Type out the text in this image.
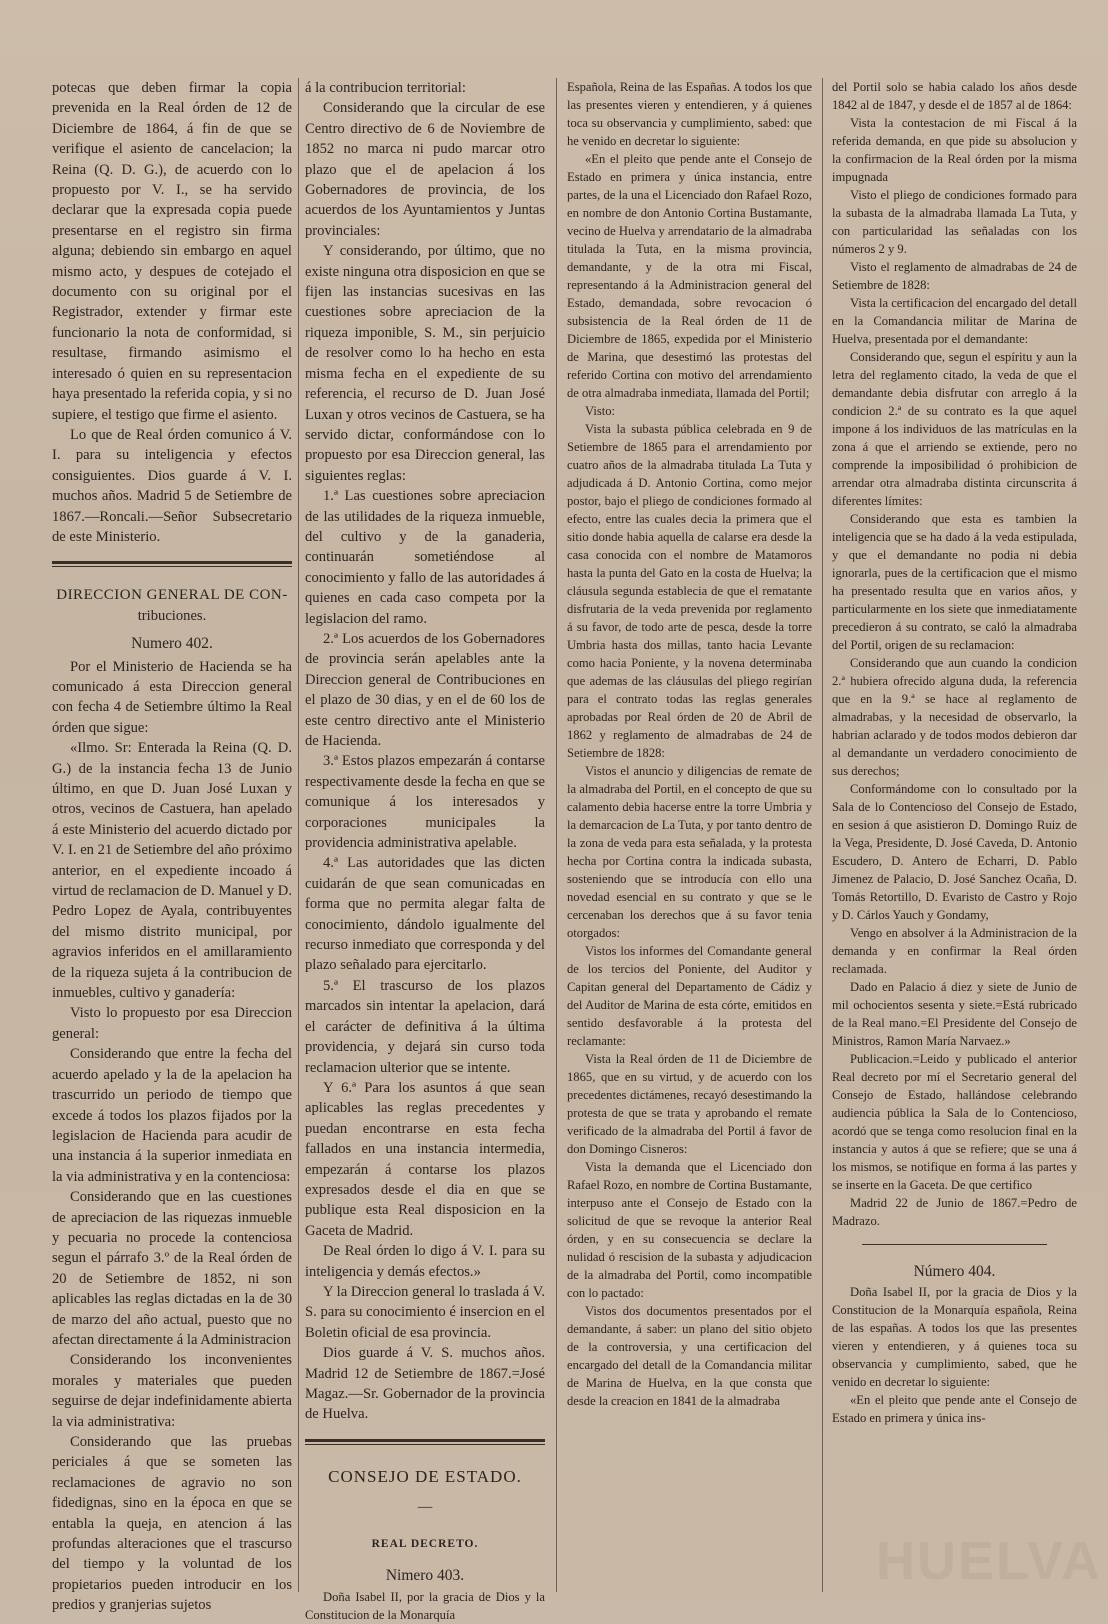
potecas que deben firmar la copia prevenida en la Real órden de 12 de Diciembre de 1864, á fin de que se verifique el asiento de cancelacion; la Reina (Q. D. G.), de acuerdo con lo propuesto por V. I., se ha servido declarar que la expresada copia puede presentarse en el registro sin firma alguna; debiendo sin embargo en aquel mismo acto, y despues de cotejado el documento con su original por el Registrador, extender y firmar este funcionario la nota de conformidad, si resultase, firmando asimismo el interesado ó quien en su representacion haya presentado la referida copia, y si no supiere, el testigo que firme el asiento.

Lo que de Real órden comunico á V. I. para su inteligencia y efectos consiguientes. Dios guarde á V. I. muchos años. Madrid 5 de Setiembre de 1867.—Roncali.—Señor Subsecretario de este Ministerio.

DIRECCION GENERAL DE CON-

tribuciones.

Numero 402.

Por el Ministerio de Hacienda se ha comunicado á esta Direccion general con fecha 4 de Setiembre último la Real órden que sigue:

«Ilmo. Sr: Enterada la Reina (Q. D. G.) de la instancia fecha 13 de Junio último, en que D. Juan José Luxan y otros, vecinos de Castuera, han apelado á este Ministerio del acuerdo dictado por V. I. en 21 de Setiembre del año próximo anterior, en el expediente incoado á virtud de reclamacion de D. Manuel y D. Pedro Lopez de Ayala, contribuyentes del mismo distrito municipal, por agravios inferidos en el amillaramiento de la riqueza sujeta á la contribucion de inmuebles, cultivo y ganadería:

Visto lo propuesto por esa Direccion general:

Considerando que entre la fecha del acuerdo apelado y la de la apelacion ha trascurrido un periodo de tiempo que excede á todos los plazos fijados por la legislacion de Hacienda para acudir de una instancia á la superior inmediata en la via administrativa y en la contenciosa:

Considerando que en las cuestiones de apreciacion de las riquezas inmueble y pecuaria no procede la contenciosa segun el párrafo 3.º de la Real órden de 20 de Setiembre de 1852, ni son aplicables las reglas dictadas en la de 30 de marzo del año actual, puesto que no afectan directamente á la Administracion

Considerando los inconvenientes morales y materiales que pueden seguirse de dejar indefinidamente abierta la via administrativa:

Considerando que las pruebas periciales á que se someten las reclamaciones de agravio no son fidedignas, sino en la época en que se entabla la queja, en atencion á las profundas alteraciones que el trascurso del tiempo y la voluntad de los propietarios pueden introducir en los predios y granjerias sujetos

á la contribucion territorial:

Considerando que la circular de ese Centro directivo de 6 de Noviembre de 1852 no marca ni pudo marcar otro plazo que el de apelacion á los Gobernadores de provincia, de los acuerdos de los Ayuntamientos y Juntas provinciales:

Y considerando, por último, que no existe ninguna otra disposicion en que se fijen las instancias sucesivas en las cuestiones sobre apreciacion de la riqueza imponible, S. M., sin perjuicio de resolver como lo ha hecho en esta misma fecha en el expediente de su referencia, el recurso de D. Juan José Luxan y otros vecinos de Castuera, se ha servido dictar, conformándose con lo propuesto por esa Direccion general, las siguientes reglas:

1.ª Las cuestiones sobre apreciacion de las utilidades de la riqueza inmueble, del cultivo y de la ganaderia, continuarán sometiéndose al conocimiento y fallo de las autoridades á quienes en cada caso competa por la legislacion del ramo.

2.ª Los acuerdos de los Gobernadores de provincia serán apelables ante la Direccion general de Contribuciones en el plazo de 30 dias, y en el de 60 los de este centro directivo ante el Ministerio de Hacienda.

3.ª Estos plazos empezarán á contarse respectivamente desde la fecha en que se comunique á los interesados y corporaciones municipales la providencia administrativa apelable.

4.ª Las autoridades que las dicten cuidarán de que sean comunicadas en forma que no permita alegar falta de conocimiento, dándolo igualmente del recurso inmediato que corresponda y del plazo señalado para ejercitarlo.

5.ª El trascurso de los plazos marcados sin intentar la apelacion, dará el carácter de definitiva á la última providencia, y dejará sin curso toda reclamacion ulterior que se intente.

Y 6.ª Para los asuntos á que sean aplicables las reglas precedentes y puedan encontrarse en esta fecha fallados en una instancia intermedia, empezarán á contarse los plazos expresados desde el dia en que se publique esta Real disposicion en la Gaceta de Madrid.

De Real órden lo digo á V. I. para su inteligencia y demás efectos.»

Y la Direccion general lo traslada á V. S. para su conocimiento é insercion en el Boletin oficial de esa provincia.

Dios guarde á V. S. muchos años. Madrid 12 de Setiembre de 1867.=José Magaz.—Sr. Gobernador de la provincia de Huelva.

CONSEJO DE ESTADO.

—

REAL DECRETO.

Nimero 403.

Doña Isabel II, por la gracia de Dios y la Constitucion de la Monarquía

Española, Reina de las Españas. A todos los que las presentes vieren y entendieren, y á quienes toca su observancia y cumplimiento, sabed: que he venido en decretar lo siguiente:

«En el pleito que pende ante el Consejo de Estado en primera y única instancia, entre partes, de la una el Licenciado don Rafael Rozo, en nombre de don Antonio Cortina Bustamante, vecino de Huelva y arrendatario de la almadraba titulada la Tuta, en la misma provincia, demandante, y de la otra mi Fiscal, representando á la Administracion general del Estado, demandada, sobre revocacion ó subsistencia de la Real órden de 11 de Diciembre de 1865, expedida por el Ministerio de Marina, que desestimó las protestas del referido Cortina con motivo del arrendamiento de otra almadraba inmediata, llamada del Portil;

Visto:

Vista la subasta pública celebrada en 9 de Setiembre de 1865 para el arrendamiento por cuatro años de la almadraba titulada La Tuta y adjudicada á D. Antonio Cortina, como mejor postor, bajo el pliego de condiciones formado al efecto, entre las cuales decia la primera que el sitio donde habia aquella de calarse era desde la casa conocida con el nombre de Matamoros hasta la punta del Gato en la costa de Huelva; la cláusula segunda establecia de que el rematante disfrutaria de la veda prevenida por reglamento á su favor, de todo arte de pesca, desde la torre Umbria hasta dos millas, tanto hacia Levante como hacia Poniente, y la novena determinaba que ademas de las cláusulas del pliego regirían para el contrato todas las reglas generales aprobadas por Real órden de 20 de Abril de 1862 y reglamento de almadrabas de 24 de Setiembre de 1828:

Vistos el anuncio y diligencias de remate de la almadraba del Portil, en el concepto de que su calamento debia hacerse entre la torre Umbria y la demarcacion de La Tuta, y por tanto dentro de la zona de veda para esta señalada, y la protesta hecha por Cortina contra la indicada subasta, sosteniendo que se introducía con ello una novedad esencial en su contrato y que se le cercenaban los derechos que á su favor tenia otorgados:

Vistos los informes del Comandante general de los tercios del Poniente, del Auditor y Capitan general del Departamento de Cádiz y del Auditor de Marina de esta córte, emitidos en sentido desfavorable á la protesta del reclamante:

Vista la Real órden de 11 de Diciembre de 1865, que en su virtud, y de acuerdo con los precedentes dictámenes, recayó desestimando la protesta de que se trata y aprobando el remate verificado de la almadraba del Portil á favor de don Domingo Cisneros:

Vista la demanda que el Licenciado don Rafael Rozo, en nombre de Cortina Bustamante, interpuso ante el Consejo de Estado con la solicitud de que se revoque la anterior Real órden, y en su consecuencia se declare la nulidad ó rescision de la subasta y adjudicacion de la almadraba del Portil, como incompatible con lo pactado:

Vistos dos documentos presentados por el demandante, á saber: un plano del sitio objeto de la controversia, y una certificacion del encargado del detall de la Comandancia militar de Marina de Huelva, en la que consta que desde la creacion en 1841 de la almadraba

del Portil solo se habia calado los años desde 1842 al de 1847, y desde el de 1857 al de 1864:

Vista la contestacion de mi Fiscal á la referida demanda, en que pide su absolucion y la confirmacion de la Real órden por la misma impugnada

Visto el pliego de condiciones formado para la subasta de la almadraba llamada La Tuta, y con particularidad las señaladas con los números 2 y 9.

Visto el reglamento de almadrabas de 24 de Setiembre de 1828:

Vista la certificacion del encargado del detall en la Comandancia militar de Marina de Huelva, presentada por el demandante:

Considerando que, segun el espíritu y aun la letra del reglamento citado, la veda de que el demandante debia disfrutar con arreglo á la condicion 2.ª de su contrato es la que aquel impone á los individuos de las matrículas en la zona á que el arriendo se extiende, pero no comprende la imposibilidad ó prohibicion de arrendar otra almadraba distinta circunscrita á diferentes límites:

Considerando que esta es tambien la inteligencia que se ha dado á la veda estipulada, y que el demandante no podia ni debia ignorarla, pues de la certificacion que el mismo ha presentado resulta que en varios años, y particularmente en los siete que inmediatamente precedieron á su contrato, se caló la almadraba del Portil, origen de su reclamacion:

Considerando que aun cuando la condicion 2.ª hubiera ofrecido alguna duda, la referencia que en la 9.ª se hace al reglamento de almadrabas, y la necesidad de observarlo, la habrian aclarado y de todos modos debieron dar al demandante un verdadero conocimiento de sus derechos;

Conformándome con lo consultado por la Sala de lo Contencioso del Consejo de Estado, en sesion á que asistieron D. Domingo Ruiz de la Vega, Presidente, D. José Caveda, D. Antonio Escudero, D. Antero de Echarri, D. Pablo Jimenez de Palacio, D. José Sanchez Ocaña, D. Tomás Retortillo, D. Evaristo de Castro y Rojo y D. Cárlos Yauch y Gondamy,

Vengo en absolver á la Administracion de la demanda y en confirmar la Real órden reclamada.

Dado en Palacio á diez y siete de Junio de mil ochocientos sesenta y siete.=Está rubricado de la Real mano.=El Presidente del Consejo de Ministros, Ramon María Narvaez.»

Publicacion.=Leido y publicado el anterior Real decreto por mí el Secretario general del Consejo de Estado, hallándose celebrando audiencia pública la Sala de lo Contencioso, acordó que se tenga como resolucion final en la instancia y autos á que se refiere; que se una á los mismos, se notifique en forma á las partes y se inserte en la Gaceta. De que certifico

Madrid 22 de Junio de 1867.=Pedro de Madrazo.

Número 404.

Doña Isabel II, por la gracia de Dios y la Constitucion de la Monarquía española, Reina de las españas. A todos los que las presentes vieren y entendieren, y á quienes toca su observancia y cumplimiento, sabed, que he venido en decretar lo siguiente:

«En el pleito que pende ante el Consejo de Estado en primera y única ins-

HUELVA
